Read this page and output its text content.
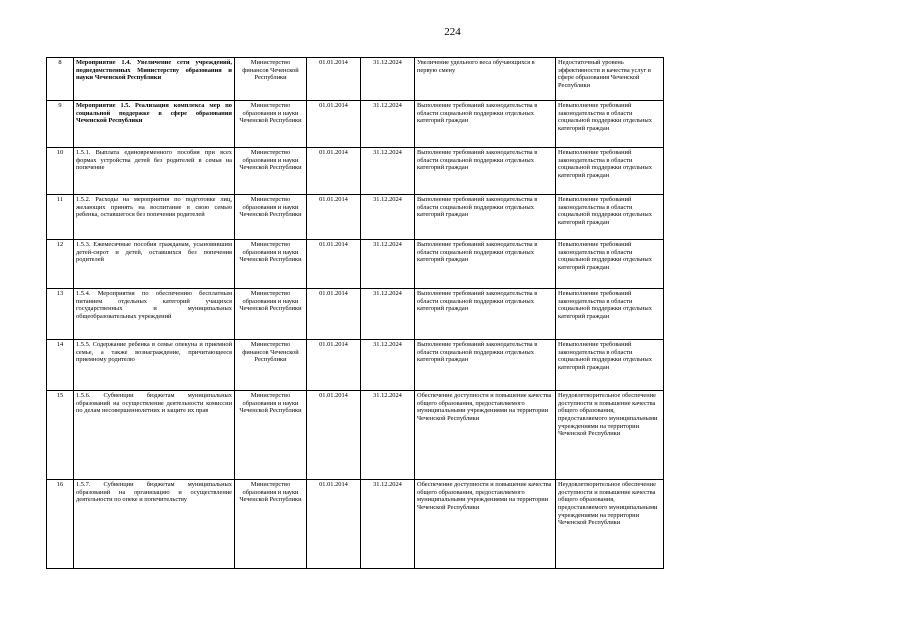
224
8	Мероприятие 1.4. Увеличение сети учреждений, подведомственных Министерству образования и науки Чеченской Республики	Министерство финансов Чеченской Республики	01.01.2014	31.12.2024	Увеличение удельного веса обучающихся в первую смену	Недостаточный уровень эффективности и качества услуг в сфере образования Чеченской Республики
9	Мероприятие 1.5. Реализация комплекса мер по социальной поддержке в сфере образования Чеченской Республики	Министерство образования и науки Чеченской Республики	01.01.2014	31.12.2024	Выполнение требований законодательства в области социальной поддержки отдельных категорий граждан	Невыполнение требований законодательства в области социальной поддержки отдельных категорий граждан
10	1.5.1. Выплата единовременного пособия при всех формах устройства детей без родителей в семьи на попечение	Министерство образования и науки Чеченской Республики	01.01.2014	31.12.2024	Выполнение требований законодательства в области социальной поддержки отдельных категорий граждан	Невыполнение требований законодательства в области социальной поддержки отдельных категорий граждан
11	1.5.2. Расходы на мероприятия по подготовке лиц, желающих принять на воспитание в свою семью ребенка, оставшегося без попечения родителей	Министерство образования и науки Чеченской Республики	01.01.2014	31.12.2024	Выполнение требований законодательства в области социальной поддержки отдельных категорий граждан	Невыполнение требований законодательства в области социальной поддержки отдельных категорий граждан
12	1.5.3. Ежемесячные пособия гражданам, усыновившим детей-сирот и детей, оставшихся без попечения родителей	Министерство образования и науки Чеченской Республики	01.01.2014	31.12.2024	Выполнение требований законодательства в области социальной поддержки отдельных категорий граждан	Невыполнение требований законодательства в области социальной поддержки отдельных категорий граждан
13	1.5.4. Мероприятия по обеспечению бесплатным питанием отдельных категорий учащихся государственных и муниципальных общеобразовательных учреждений	Министерство образования и науки Чеченской Республики	01.01.2014	31.12.2024	Выполнение требований законодательства в области социальной поддержки отдельных категорий граждан	Невыполнение требований законодательства в области социальной поддержки отдельных категорий граждан
14	1.5.5. Содержание ребенка в семье опекуна и приемной семье, а также вознаграждение, причитающееся приемному родителю	Министерство финансов Чеченской Республики	01.01.2014	31.12.2024	Выполнение требований законодательства в области социальной поддержки отдельных категорий граждан	Невыполнение требований законодательства в области социальной поддержки отдельных категорий граждан
15	1.5.6. Субвенции бюджетам муниципальных образований на осуществление деятельности комиссии по делам несовершеннолетних и защите их прав	Министерство образования и науки Чеченской Республики	01.01.2014	31.12.2024	Обеспечение доступности и повышение качества общего образования, предоставляемого муниципальными учреждениями на территории Чеченской Республики	Неудовлетворительное обеспечение доступности и повышение качества общего образования, предоставляемого муниципальными учреждениями на территории Чеченской Республики
16	1.5.7. Субвенции бюджетам муниципальных образований на организацию и осуществление деятельности по опеке и попечительству	Министерство образования и науки Чеченской Республики	01.01.2014	31.12.2024	Обеспечение доступности и повышение качества общего образования, предоставляемого муниципальными учреждениями на территории Чеченской Республики	Неудовлетворительное обеспечение доступности и повышение качества общего образования, предоставляемого муниципальными учреждениями на территории Чеченской Республики
